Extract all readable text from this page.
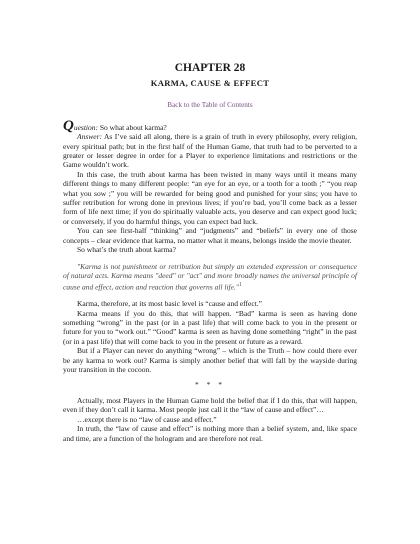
CHAPTER 28
KARMA, CAUSE & EFFECT
Back to the Table of Contents

Question: So what about karma?

Answer: As I’ve said all along, there is a grain of truth in every philosophy, every religion, every spiritual path; but in the first half of the Human Game, that truth had to be perverted to a greater or lesser degree in order for a Player to experience limitations and restrictions or the Game wouldn’t work.

In this case, the truth about karma has been twisted in many ways until it means many different things to many different people: “an eye for an eye, or a tooth for a tooth ;” “you reap what you sow ;” you will be rewarded for being good and punished for your sins; you have to suffer retribution for wrong done in previous lives; if you’re bad, you’ll come back as a lesser form of life next time; if you do spiritually valuable acts, you deserve and can expect good luck; or conversely, if you do harmful things, you can expect bad luck.

You can see first-half “thinking” and “judgments” and “beliefs” in every one of those concepts – clear evidence that karma, no matter what it means, belongs inside the movie theater.

So what’s the truth about karma?

"Karma is not punishment or retribution but simply an extended expression or consequence of natural acts. Karma means "deed" or "act" and more broadly names the universal principle of cause and effect, action and reaction that governs all life."$^1$

Karma, therefore, at its most basic level is “cause and effect.”

Karma means if you do this, that will happen. “Bad” karma is seen as having done something “wrong” in the past (or in a past life) that will come back to you in the present or future for you to “work out.” “Good” karma is seen as having done something “right” in the past (or in a past life) that will come back to you in the present or future as a reward.

But if a Player can never do anything “wrong” – which is the Truth – how could there ever be any karma to work out? Karma is simply another belief that will fall by the wayside during your transition in the cocoon.

* * *

Actually, most Players in the Human Game hold the belief that if I do this, that will happen, even if they don’t call it karma. Most people just call it the “law of cause and effect”…

…except there is no “law of cause and effect.”

In truth, the “law of cause and effect” is nothing more than a belief system, and, like space and time, are a function of the hologram and are therefore not real.
